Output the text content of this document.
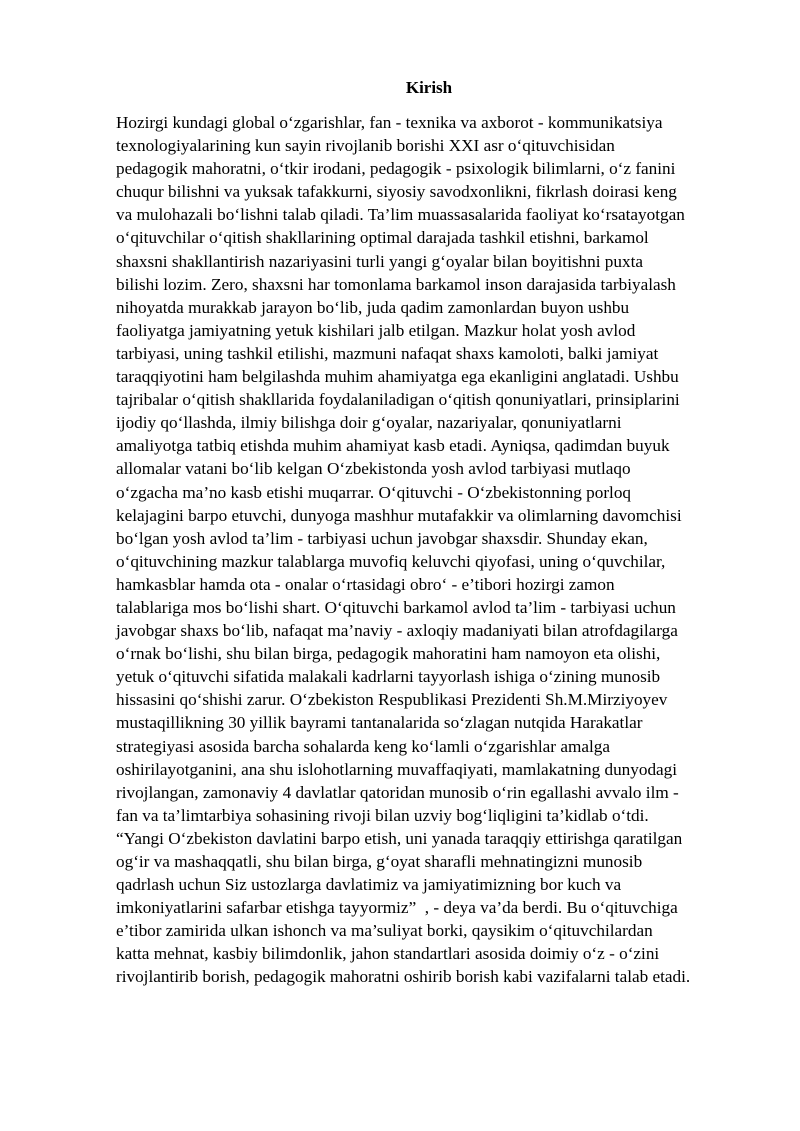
Kirish
Hozirgi kundagi global o‘zgarishlar, fan - texnika va axborot - kommunikatsiya
texnologiyalarining kun sayin rivojlanib borishi XXI asr o‘qituvchisidan
pedagogik mahoratni, o‘tkir irodani, pedagogik - psixologik bilimlarni, o‘z fanini
chuqur bilishni va yuksak tafakkurni, siyosiy savodxonlikni, fikrlash doirasi keng
va mulohazali bo‘lishni talab qiladi. Ta’lim muassasalarida faoliyat ko‘rsatayotgan
o‘qituvchilar o‘qitish shakllarining optimal darajada tashkil etishni, barkamol
shaxsni shakllantirish nazariyasini turli yangi g‘oyalar bilan boyitishni puxta
bilishi lozim. Zero, shaxsni har tomonlama barkamol inson darajasida tarbiyalash
nihoyatda murakkab jarayon bo‘lib, juda qadim zamonlardan buyon ushbu
faoliyatga jamiyatning yetuk kishilari jalb etilgan. Mazkur holat yosh avlod
tarbiyasi, uning tashkil etilishi, mazmuni nafaqat shaxs kamoloti, balki jamiyat
taraqqiyotini ham belgilashda muhim ahamiyatga ega ekanligini anglatadi. Ushbu
tajribalar o‘qitish shakllarida foydalaniladigan o‘qitish qonuniyatlari, prinsiplarini
ijodiy qo‘llashda, ilmiy bilishga doir g‘oyalar, nazariyalar, qonuniyatlarni
amaliyotga tatbiq etishda muhim ahamiyat kasb etadi. Ayniqsa, qadimdan buyuk
allomalar vatani bo‘lib kelgan O‘zbekistonda yosh avlod tarbiyasi mutlaqo
o‘zgacha ma’no kasb etishi muqarrar. O‘qituvchi - O‘zbekistonning porloq
kelajagini barpo etuvchi, dunyoga mashhur mutafakkir va olimlarning davomchisi
bo‘lgan yosh avlod ta’lim - tarbiyasi uchun javobgar shaxsdir. Shunday ekan,
o‘qituvchining mazkur talablarga muvofiq keluvchi qiyofasi, uning o‘quvchilar,
hamkasblar hamda ota - onalar o‘rtasidagi obro‘ - e’tibori hozirgi zamon
talablariga mos bo‘lishi shart. O‘qituvchi barkamol avlod ta’lim - tarbiyasi uchun
javobgar shaxs bo‘lib, nafaqat ma’naviy - axloqiy madaniyati bilan atrofdagilarga
o‘rnak bo‘lishi, shu bilan birga, pedagogik mahoratini ham namoyon eta olishi,
yetuk o‘qituvchi sifatida malakali kadrlarni tayyorlash ishiga o‘zining munosib
hissasini qo‘shishi zarur. O‘zbekiston Respublikasi Prezidenti Sh.M.Mirziyoyev
mustaqillikning 30 yillik bayrami tantanalarida so‘zlagan nutqida Harakatlar
strategiyasi asosida barcha sohalarda keng ko‘lamli o‘zgarishlar amalga
oshirilayotganini, ana shu islohotlarning muvaffaqiyati, mamlakatning dunyodagi
rivojlangan, zamonaviy 4 davlatlar qatoridan munosib o‘rin egallashi avvalo ilm -
fan va ta’limtarbiya sohasining rivoji bilan uzviy bog‘liqligini ta’kidlab o‘tdi.
“Yangi O‘zbekiston davlatini barpo etish, uni yanada taraqqiy ettirishga qaratilgan
og‘ir va mashaqqatli, shu bilan birga, g‘oyat sharafli mehnatingizni munosib
qadrlash uchun Siz ustozlarga davlatimiz va jamiyatimizning bor kuch va
imkoniyatlarini safarbar etishga tayyormiz”  , - deya va’da berdi. Bu o‘qituvchiga
e’tibor zamirida ulkan ishonch va ma’suliyat borki, qaysikim o‘qituvchilardan
katta mehnat, kasbiy bilimdonlik, jahon standartlari asosida doimiy o‘z - o‘zini
rivojlantirib borish, pedagogik mahoratni oshirib borish kabi vazifalarni talab etadi.
